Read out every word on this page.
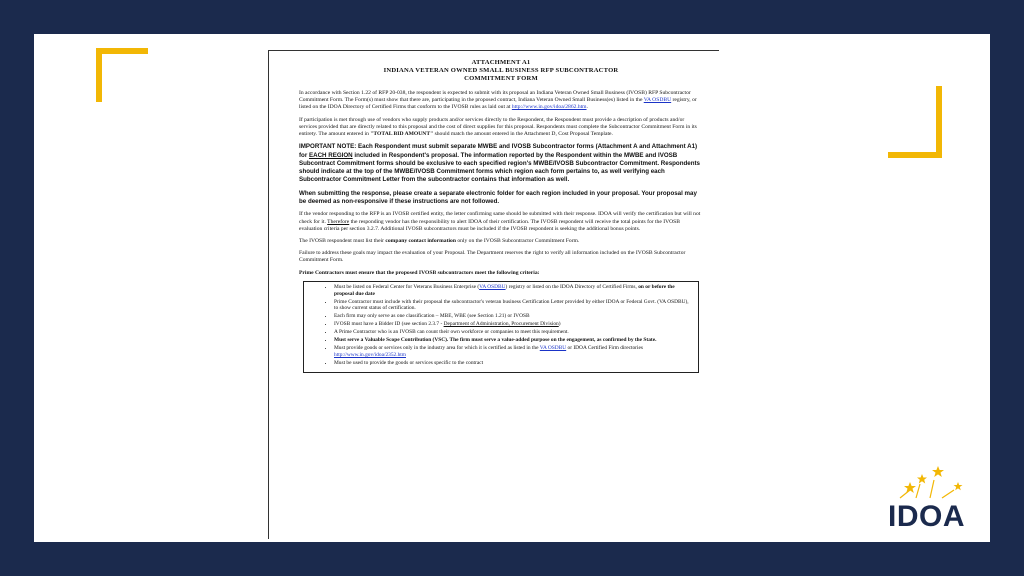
ATTACHMENT A1
INDIANA VETERAN OWNED SMALL BUSINESS RFP SUBCONTRACTOR
COMMITMENT FORM

In accordance with Section 1.22 of RFP 20-038, the respondent is expected to submit with its proposal an Indiana Veteran Owned Small Business (IVOSB) RFP Subcontractor Commitment Form. The Form(s) must show that there are, participating in the proposed contract, Indiana Veteran Owned Small Business(es) listed in the VA OSDBU registry, or listed on the IDOA Directory of Certified Firms that conform to the IVOSB rules as laid out at http://www.in.gov/idoa/2862.htm.

If participation is met through use of vendors who supply products and/or services directly to the Respondent, the Respondent must provide a description of products and/or services provided that are directly related to this proposal and the cost of direct supplies for this proposal. Respondents must complete the Subcontractor Commitment Form in its entirety. The amount entered in "TOTAL BID AMOUNT" should match the amount entered in the Attachment D, Cost Proposal Template.

IMPORTANT NOTE: Each Respondent must submit separate MWBE and IVOSB Subcontractor forms (Attachment A and Attachment A1) for EACH REGION included in Respondent's proposal. The information reported by the Respondent within the MWBE and IVOSB Subcontract Commitment forms should be exclusive to each specified region's MWBE/IVOSB Subcontractor Commitment. Respondents should indicate at the top of the MWBE/IVOSB Commitment forms which region each form pertains to, as well verifying each Subcontractor Commitment Letter from the subcontractor contains that information as well.

When submitting the response, please create a separate electronic folder for each region included in your proposal. Your proposal may be deemed as non-responsive if these instructions are not followed.

If the vendor responding to the RFP is an IVOSB certified entity, the letter confirming same should be submitted with their response. IDOA will verify the certification but will not check for it. Therefore the responding vendor has the responsibility to alert IDOA of their certification. The IVOSB respondent will receive the total points for the IVOSB evaluation criteria per section 3.2.7. Additional IVOSB subcontractors must be included if the IVOSB respondent is seeking the additional bonus points.

The IVOSB respondent must list their company contact information only on the IVOSB Subcontractor Commitment Form.

Failure to address these goals may impact the evaluation of your Proposal. The Department reserves the right to verify all information included on the IVOSB Subcontractor Commitment Form.

Prime Contractors must ensure that the proposed IVOSB subcontractors meet the following criteria:

• Must be listed on Federal Center for Veterans Business Enterprise (VA OSDBU) registry or listed on the IDOA Directory of Certified Firms, on or before the proposal due date
• Prime Contractor must include with their proposal the subcontractor's veteran business Certification Letter provided by either IDOA or Federal Govt. (VA OSDBU), to show current status of certification.
• Each firm may only serve as one classification – MBE, WBE (see Section 1.21) or IVOSB
• IVOSB must have a Bidder ID (see section 2.3.7 - Department of Administration, Procurement Division)
• A Prime Contractor who is an IVOSB can count their own workforce or companies to meet this requirement.
• Must serve a Valuable Scope Contribution (VSC). The firm must serve a value-added purpose on the engagement, as confirmed by the State.
• Must provide goods or services only in the industry area for which it is certified as listed in the VA OSDBU or IDOA Certified Firm directories http://www.in.gov/idoa/2352.htm
• Must be used to provide the goods or services specific to the contract
IDOA
